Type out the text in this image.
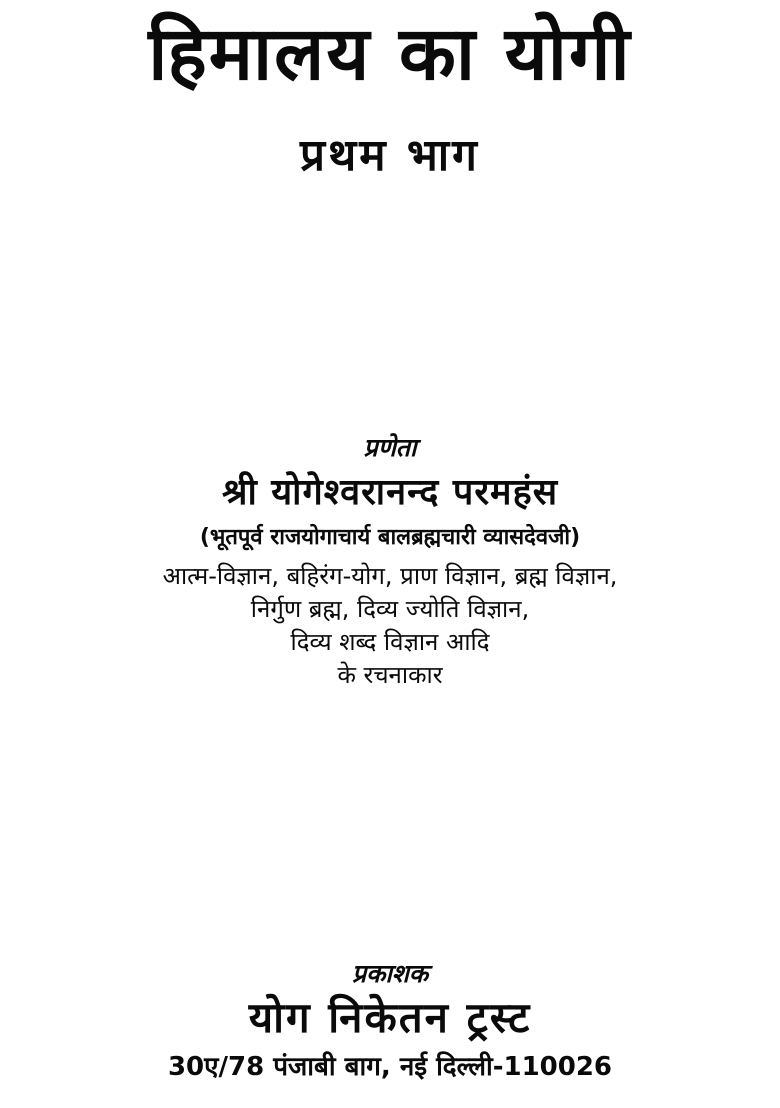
हिमालय का योगी
प्रथम भाग
प्रणेता
श्री योगेश्वरानन्द परमहंस
(भूतपूर्व राजयोगाचार्य बालब्रह्मचारी व्यासदेवजी)
आत्म-विज्ञान, बहिरंग-योग, प्राण विज्ञान, ब्रह्म विज्ञान,
निर्गुण ब्रह्म, दिव्य ज्योति विज्ञान,
दिव्य शब्द विज्ञान आदि
के रचनाकार
प्रकाशक
योग निकेतन ट्रस्ट
30ए/78 पंजाबी बाग, नई दिल्ली-110026
